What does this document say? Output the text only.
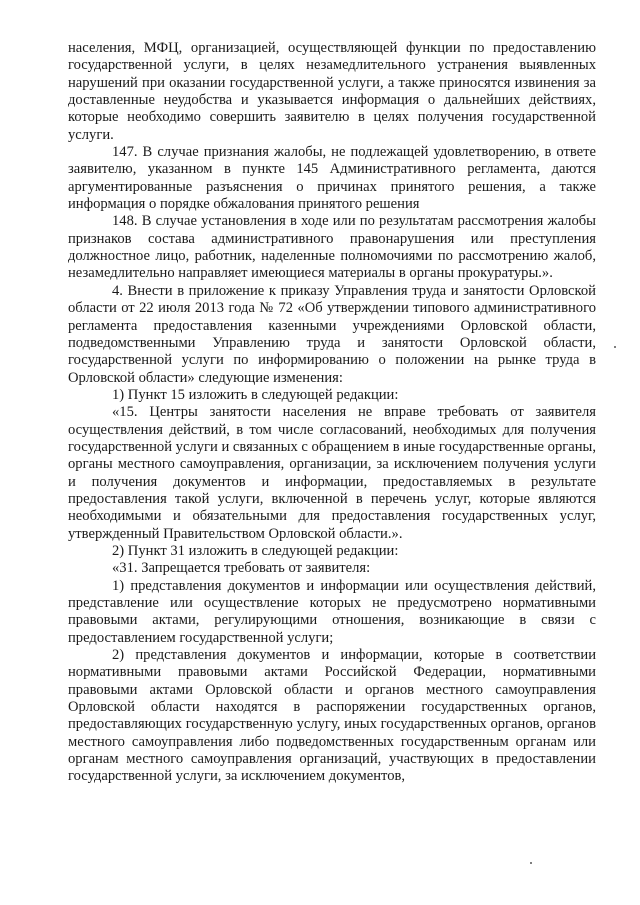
населения, МФЦ, организацией, осуществляющей функции по предоставлению государственной услуги, в целях незамедлительного устранения выявленных нарушений при оказании государственной услуги, а также приносятся извинения за доставленные неудобства и указывается информация о дальнейших действиях, которые необходимо совершить заявителю в целях получения государственной услуги.

147. В случае признания жалобы, не подлежащей удовлетворению, в ответе заявителю, указанном в пункте 145 Административного регламента, даются аргументированные разъяснения о причинах принятого решения, а также информация о порядке обжалования принятого решения

148. В случае установления в ходе или по результатам рассмотрения жалобы признаков состава административного правонарушения или преступления должностное лицо, работник, наделенные полномочиями по рассмотрению жалоб, незамедлительно направляет имеющиеся материалы в органы прокуратуры.».

4. Внести в приложение к приказу Управления труда и занятости Орловской области от 22 июля 2013 года № 72 «Об утверждении типового административного регламента предоставления казенными учреждениями Орловской области, подведомственными Управлению труда и занятости Орловской области, государственной услуги по информированию о положении на рынке труда в Орловской области» следующие изменения:

1) Пункт 15 изложить в следующей редакции:

«15. Центры занятости населения не вправе требовать от заявителя осуществления действий, в том числе согласований, необходимых для получения государственной услуги и связанных с обращением в иные государственные органы, органы местного самоуправления, организации, за исключением получения услуги и получения документов и информации, предоставляемых в результате предоставления такой услуги, включенной в перечень услуг, которые являются необходимыми и обязательными для предоставления государственных услуг, утвержденный Правительством Орловской области.».

2) Пункт 31 изложить в следующей редакции:

«31. Запрещается требовать от заявителя:

1) представления документов и информации или осуществления действий, представление или осуществление которых не предусмотрено нормативными правовыми актами, регулирующими отношения, возникающие в связи с предоставлением государственной услуги;

2) представления документов и информации, которые в соответствии нормативными правовыми актами Российской Федерации, нормативными правовыми актами Орловской области и органов местного самоуправления Орловской области находятся в распоряжении государственных органов, предоставляющих государственную услугу, иных государственных органов, органов местного самоуправления либо подведомственных государственным органам или органам местного самоуправления организаций, участвующих в предоставлении государственной услуги, за исключением документов,
